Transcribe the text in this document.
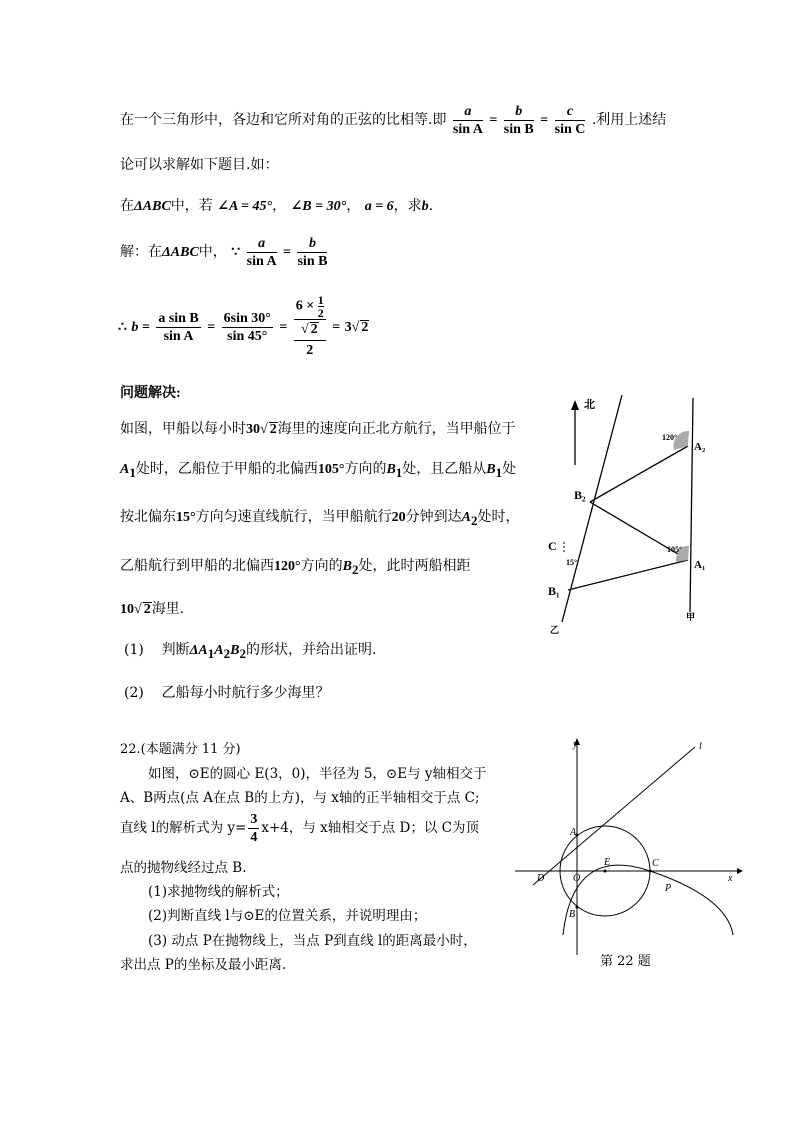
在一个三角形中，各边和它所对角的正弦的比相等.即 $\frac{a}{\text{sin A}} = \frac{b}{\text{sin B}} = \frac{c}{\text{sin C}}$ .利用上述结
论可以求解如下题目.如：
在ΔABC中，若 ∠A = 45°， ∠B = 30°， a = 6，求b.
解：在ΔABC中， ∵ $\frac{a}{\text{sin A}} = \frac{b}{\text{sin B}}$
∴ $b = \frac{\text{a sin B}}{\text{sin A}} = \frac{6\sin 30^\circ}{\sin 45^\circ} = 6 \times \frac{1}{2}$
√ 2
2 = 3√ 2
问题解决:
如图，甲船以每小时30√ 2海里的速度向正北方航行，当甲船位于
$A_1$处时，乙船位于甲船的北偏西105°方向的$B_1$处，且乙船从$B_1$处
按北偏东15°方向匀速直线航行，当甲船航行20分钟到达$A_2$处时，
乙船航行到甲船的北偏西120°方向的$B_2$处，此时两船相距
10√ 2海里.
(1) 判断$\Delta A_1A_2B_2$的形状，并给出证明.
(2) 乙船每小时航行多少海里？
北
120°
A₂
B₂
C
15°
105°
A₁
B₁
乙
甲
22.(本题满分 11 分)
如图，⊙E的圆心 E(3，0)，半径为 5，⊙E与 y轴相交于
A、B两点(点 A在点 B的上方)，与 x轴的正半轴相交于点 C;
直线 l的解析式为 $y= \frac{3}{4} x+4$，与 x轴相交于点 D；以 C为顶
点的抛物线经过点 B.
(1)求抛物线的解析式；
(2)判断直线 l与⊙E的位置关系，并说明理由；
(3) 动点 P在抛物线上，当点 P到直线 l的距离最小时，
求出点 P的坐标及最小距离.
y
x
l
A
B
C
D
E
O
P
第 22 题
